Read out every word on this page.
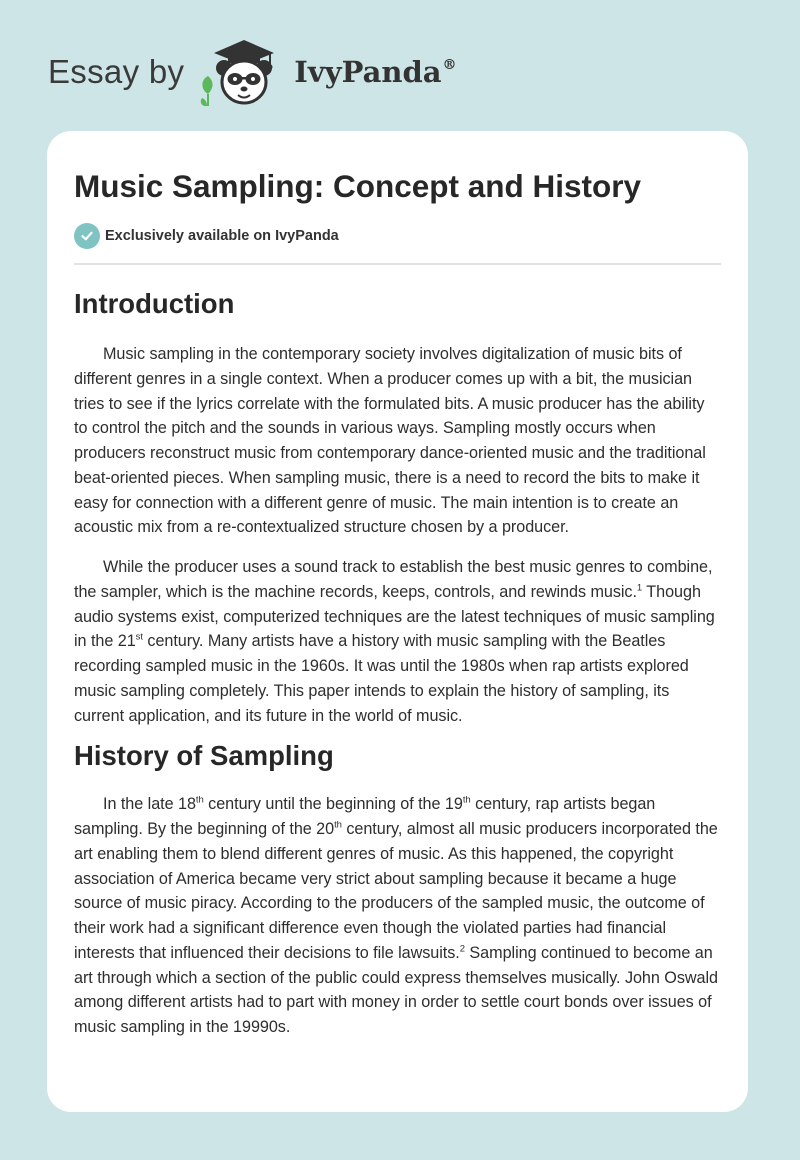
Essay by	IvyPanda®
Music Sampling: Concept and History
Exclusively available on IvyPanda
Introduction

Music sampling in the contemporary society involves digitalization of music bits of different genres in a single context. When a producer comes up with a bit, the musician tries to see if the lyrics correlate with the formulated bits. A music producer has the ability to control the pitch and the sounds in various ways. Sampling mostly occurs when producers reconstruct music from contemporary dance-oriented music and the traditional beat-oriented pieces. When sampling music, there is a need to record the bits to make it easy for connection with a different genre of music. The main intention is to create an acoustic mix from a re-contextualized structure chosen by a producer.

While the producer uses a sound track to establish the best music genres to combine, the sampler, which is the machine records, keeps, controls, and rewinds music.$^1$ Though audio systems exist, computerized techniques are the latest techniques of music sampling in the 21st century. Many artists have a history with music sampling with the Beatles recording sampled music in the 1960s. It was until the 1980s when rap artists explored music sampling completely. This paper intends to explain the history of sampling, its current application, and its future in the world of music.

History of Sampling

In the late 18th century until the beginning of the 19th century, rap artists began sampling. By the beginning of the 20th century, almost all music producers incorporated the art enabling them to blend different genres of music. As this happened, the copyright association of America became very strict about sampling because it became a huge source of music piracy. According to the producers of the sampled music, the outcome of their work had a significant difference even though the violated parties had financial interests that influenced their decisions to file lawsuits.$^2$ Sampling continued to become an art through which a section of the public could express themselves musically. John Oswald among different artists had to part with money in order to settle court bonds over issues of music sampling in the 19990s.
